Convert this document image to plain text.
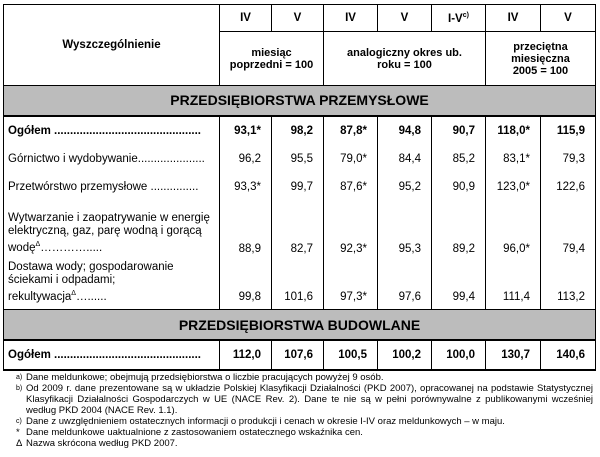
Wyszczególnienie	IV	V	IV	V	$I-V^{c)}$	IV	V
	miesiąc poprzedni = 100		analogiczny okres ub. roku = 100			przeciętna miesięczna 2005 = 100	
PRZEDSIĘBIORSTWA PRZEMYSŁOWE							
Ogółem ..............................................	93,1*	98,2	87,8*	94,8	90,7	118,0*	115,9
Górnictwo i wydobywanie.....................	96,2	95,5	79,0*	84,4	85,2	83,1*	79,3
Przetwórstwo przemysłowe ...............	93,3*	99,7	87,6*	95,2	90,9	123,0*	122,6
Wytwarzanie i zaopatrywanie w energię elektryczną, gaz, parę wodną i gorącą wodę$^\Delta$………….....	88,9	82,7	92,3*	95,3	89,2	96,0*	79,4
Dostawa wody; gospodarowanie ściekami i odpadami; rekultywacja$^\Delta$…......	99,8	101,6	97,3*	97,6	99,4	111,4	113,2
PRZEDSIĘBIORSTWA BUDOWLANE							
Ogółem ..............................................	112,0	107,6	100,5	100,2	100,0	130,7	140,6
a) Dane meldunkowe; obejmują przedsiębiorstwa o liczbie pracujących powyżej 9 osób.
b) Od 2009 r. dane prezentowane są w układzie Polskiej Klasyfikacji Działalności (PKD 2007), opracowanej na podstawie Statystycznej Klasyfikacji Działalności Gospodarczych w UE (NACE Rev. 2). Dane te nie są w pełni porównywalne z publikowanymi wcześniej według PKD 2004 (NACE Rev. 1.1).
c) Dane z uwzględnieniem ostatecznych informacji o produkcji i cenach w okresie I-IV oraz meldunkowych – w maju.
* Dane meldunkowe uaktualnione z zastosowaniem ostatecznego wskaźnika cen.
Δ Nazwa skrócona według PKD 2007.
